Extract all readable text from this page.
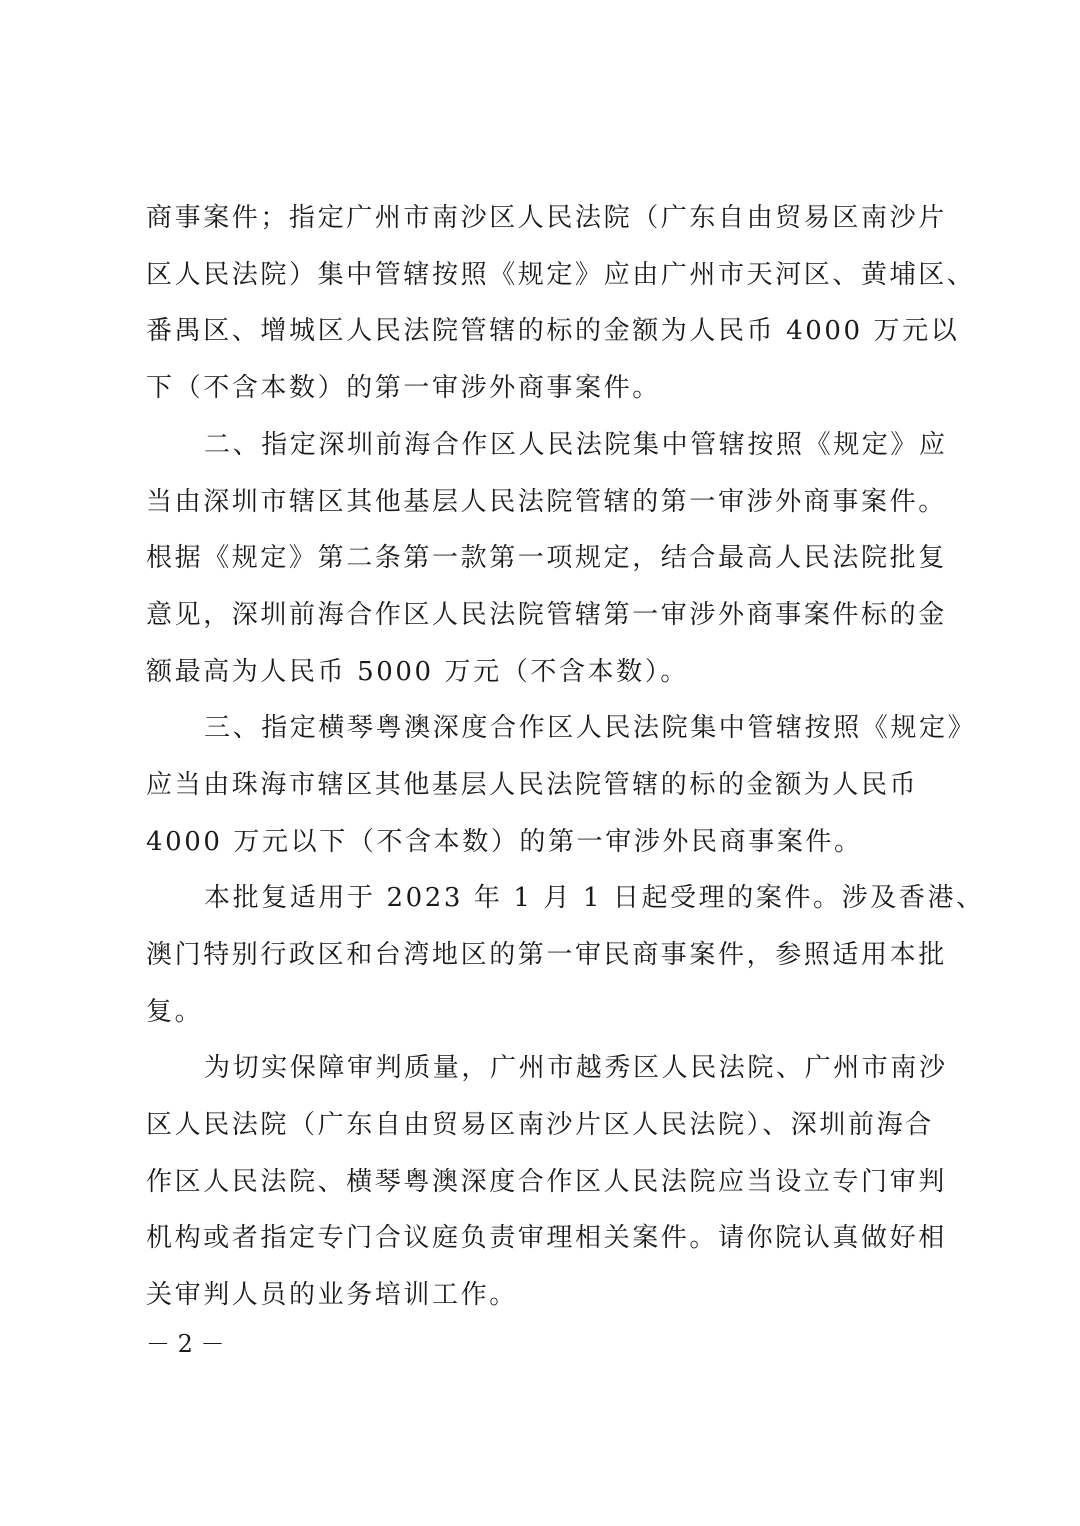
商事案件；指定广州市南沙区人民法院（广东自由贸易区南沙片
区人民法院）集中管辖按照《规定》应由广州市天河区、黄埔区、
番禺区、增城区人民法院管辖的标的金额为人民币 4000 万元以
下（不含本数）的第一审涉外商事案件。
二、指定深圳前海合作区人民法院集中管辖按照《规定》应
当由深圳市辖区其他基层人民法院管辖的第一审涉外商事案件。
根据《规定》第二条第一款第一项规定，结合最高人民法院批复
意见，深圳前海合作区人民法院管辖第一审涉外商事案件标的金
额最高为人民币 5000 万元（不含本数）。
三、指定横琴粤澳深度合作区人民法院集中管辖按照《规定》
应当由珠海市辖区其他基层人民法院管辖的标的金额为人民币
4000 万元以下（不含本数）的第一审涉外民商事案件。
本批复适用于 2023 年 1 月 1 日起受理的案件。涉及香港、
澳门特别行政区和台湾地区的第一审民商事案件，参照适用本批
复。
为切实保障审判质量，广州市越秀区人民法院、广州市南沙
区人民法院（广东自由贸易区南沙片区人民法院）、深圳前海合
作区人民法院、横琴粤澳深度合作区人民法院应当设立专门审判
机构或者指定专门合议庭负责审理相关案件。请你院认真做好相
关审判人员的业务培训工作。
－ 2 －
